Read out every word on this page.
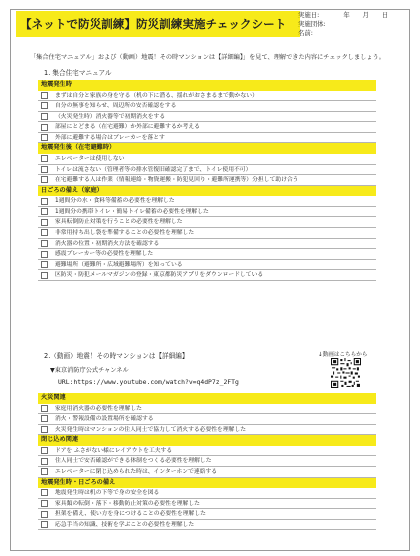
【ネットで防災訓練】防災訓練実施チェックシート
実施日:	年　　月　　日
実施団体:
名前:
「集合住宅マニュアル」および（動画）地震！その時マンションは【詳細編】」を見て、理解できた内容にチェックしましょう。
1. 集合住宅マニュアル
地震発生時
まずは自分と家族の身を守る（机の下に潜る、揺れがおさまるまで動かない）
自分の無事を知らせ、周辺所の安否確認をする
（火災発生時）消火器等で初期消火をする
部屋にとどまる（在宅避難）か外部に避難するか考える
外部に避難する場合はブレーカーを落とす
地震発生後（在宅避難時）
エレベーターは使用しない
トイレは流さない（管理者等の排水管復旧確認完了まで、トイレ使用不可）
在宅避難する人は作業（情報連絡・物資運搬・防犯見回り・避難所運携等）分担して助け合う
日ごろの備え（家庭）
1週間分の水・食料等備蓄の必要性を理解した
1週間分の携帯トイレ・簡易トイレ備蓄の必要性を理解した
家具転倒防止対策を行うことの必要性を理解した
非常用持ち出し袋を準備することの必要性を理解した
消火器の位置・初期消火方法を確認する
感震ブレーカー等の必要性を理解した
避難場所（避難所・広域避難場所）を知っている
区防災・防犯メールマガジンの登録・東京都防災アプリをダウンロードしている
2.（動画）地震！その時マンションは【詳細編】	↓動画はこちらから
▼東京消防庁公式チャンネル
URL:https://www.youtube.com/watch?v=q4dP7z_2FTg
火災関連
家庭用消火器の必要性を理解した
消火・警報設備の設置場所を確認する
火災発生時はマンションの住人同士で協力して消火する必要性を理解した
閉じ込め関連
ドアを ふさがない様にレイアウトを工夫する
住人同士で安否確認ができる体制をつくる必要性を理解した
エレベーターに閉じ込められた時は、インターホンで連絡する
地震発生時・日ごろの備え
地震発生時は机の下等で身の安全を図る
家具類の転倒・落下・移動防止対策の必要性を理解した
担架を備え、使い方を身につけることの必要性を理解した
応急手当の知識、技術を学ぶことの必要性を理解した
